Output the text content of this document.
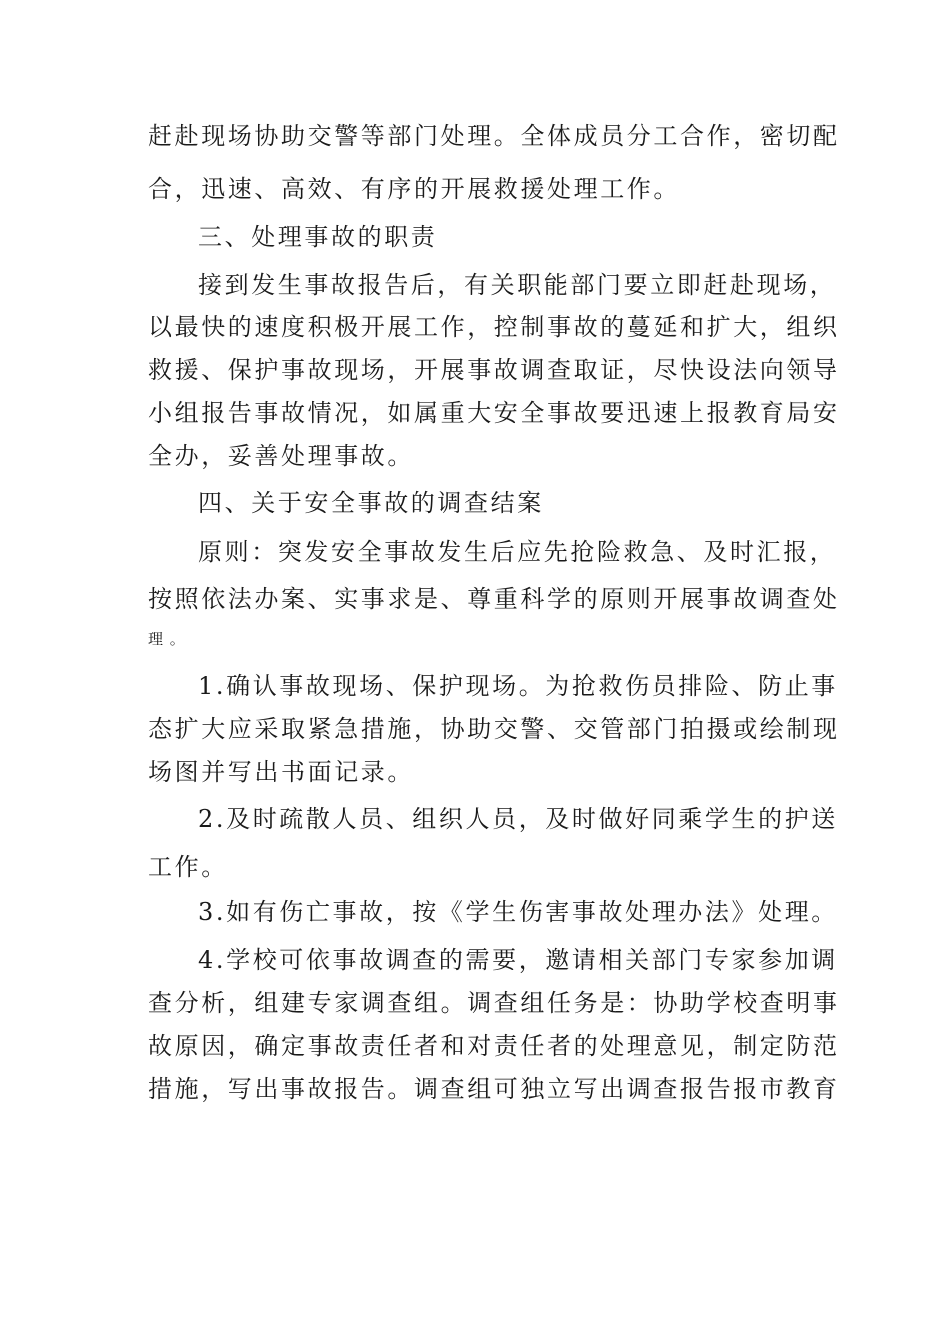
赶赴现场协助交警等部门处理。全体成员分工合作，密切配
合，迅速、高效、有序的开展救援处理工作。
三、处理事故的职责
接到发生事故报告后，有关职能部门要立即赶赴现场，
以最快的速度积极开展工作，控制事故的蔓延和扩大，组织
救援、保护事故现场，开展事故调查取证，尽快设法向领导
小组报告事故情况，如属重大安全事故要迅速上报教育局安
全办，妥善处理事故。
四、关于安全事故的调查结案
原则：突发安全事故发生后应先抢险救急、及时汇报，
按照依法办案、实事求是、尊重科学的原则开展事故调查处
理 。
1.确认事故现场、保护现场。为抢救伤员排险、防止事
态扩大应采取紧急措施，协助交警、交管部门拍摄或绘制现
场图并写出书面记录。
2.及时疏散人员、组织人员，及时做好同乘学生的护送
工作。
3.如有伤亡事故，按《学生伤害事故处理办法》处理。
4.学校可依事故调查的需要，邀请相关部门专家参加调
查分析，组建专家调查组。调查组任务是：协助学校查明事
故原因，确定事故责任者和对责任者的处理意见，制定防范
措施，写出事故报告。调查组可独立写出调查报告报市教育
